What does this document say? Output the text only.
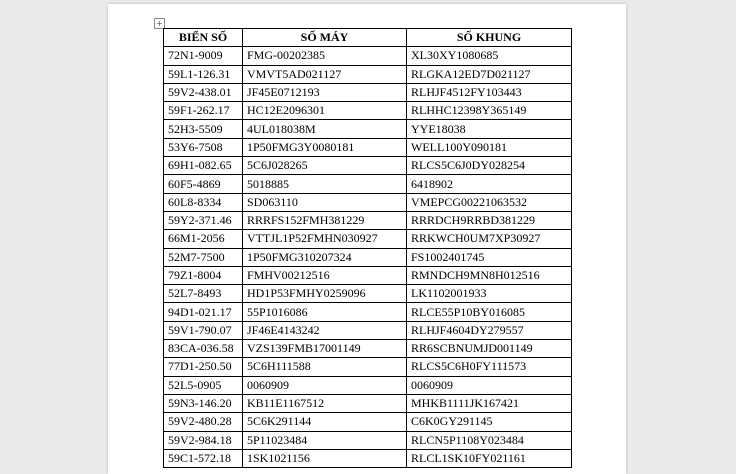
+
BIỂN SỐ	SỐ MÁY	SỐ KHUNG
72N1-9009	FMG-00202385	XL30XY1080685
59L1-126.31	VMVT5AD021127	RLGKA12ED7D021127
59V2-438.01	JF45E0712193	RLHJF4512FY103443
59F1-262.17	HC12E2096301	RLHHC12398Y365149
52H3-5509	4UL018038M	YYE18038
53Y6-7508	1P50FMG3Y0080181	WELL100Y090181
69H1-082.65	5C6J028265	RLCS5C6J0DY028254
60F5-4869	5018885	6418902
60L8-8334	SD063110	VMEPCG00221063532
59Y2-371.46	RRRFS152FMH381229	RRRDCH9RRBD381229
66M1-2056	VTTJL1P52FMHN030927	RRKWCH0UM7XP30927
52M7-7500	1P50FMG310207324	FS1002401745
79Z1-8004	FMHV00212516	RMNDCH9MN8H012516
52L7-8493	HD1P53FMHY0259096	LK1102001933
94D1-021.17	55P1016086	RLCE55P10BY016085
59V1-790.07	JF46E4143242	RLHJF4604DY279557
83CA-036.58	VZS139FMB17001149	RR6SCBNUMJD001149
77D1-250.50	5C6H111588	RLCS5C6H0FY111573
52L5-0905	0060909	0060909
59N3-146.20	KB11E1167512	MHKB1111JK167421
59V2-480.28	5C6K291144	C6K0GY291145
59V2-984.18	5P11023484	RLCN5P1108Y023484
59C1-572.18	1SK1021156	RLCL1SK10FY021161
